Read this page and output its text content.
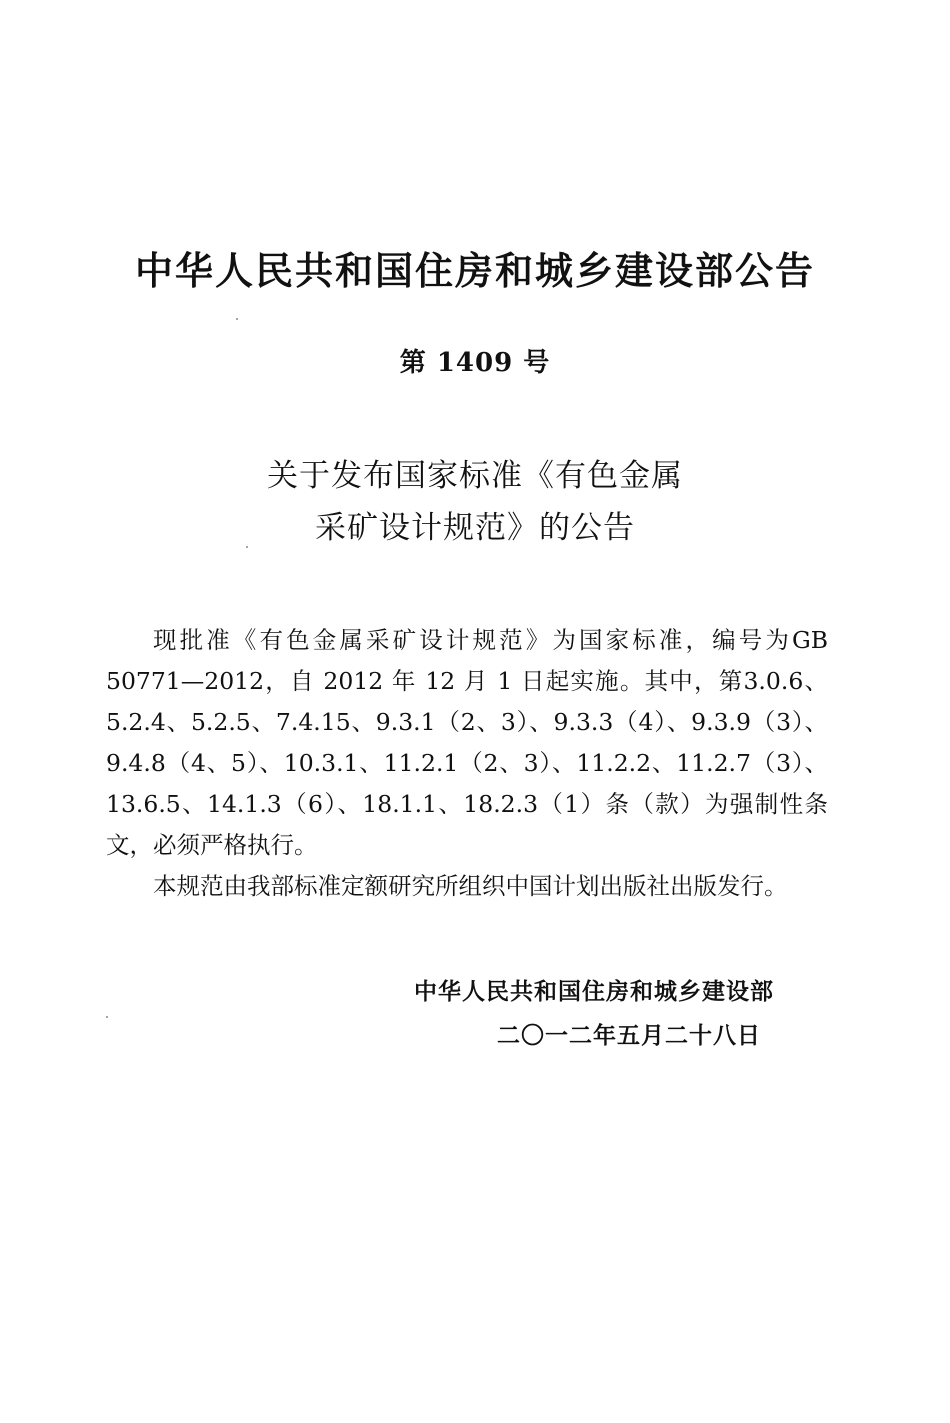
中华人民共和国住房和城乡建设部公告
第 1409 号
关于发布国家标准《有色金属
采矿设计规范》的公告

现批准《有色金属采矿设计规范》为国家标准，编号为GB 50771—2012，自 2012 年 12 月 1 日起实施。其中，第3.0.6、5.2.4、5.2.5、7.4.15、9.3.1（2、3）、9.3.3（4）、9.3.9（3）、9.4.8（4、5）、10.3.1、11.2.1（2、3）、11.2.2、11.2.7（3）、13.6.5、14.1.3（6）、18.1.1、18.2.3（1）条（款）为强制性条文，必须严格执行。

本规范由我部标准定额研究所组织中国计划出版社出版发行。

中华人民共和国住房和城乡建设部
二〇一二年五月二十八日
